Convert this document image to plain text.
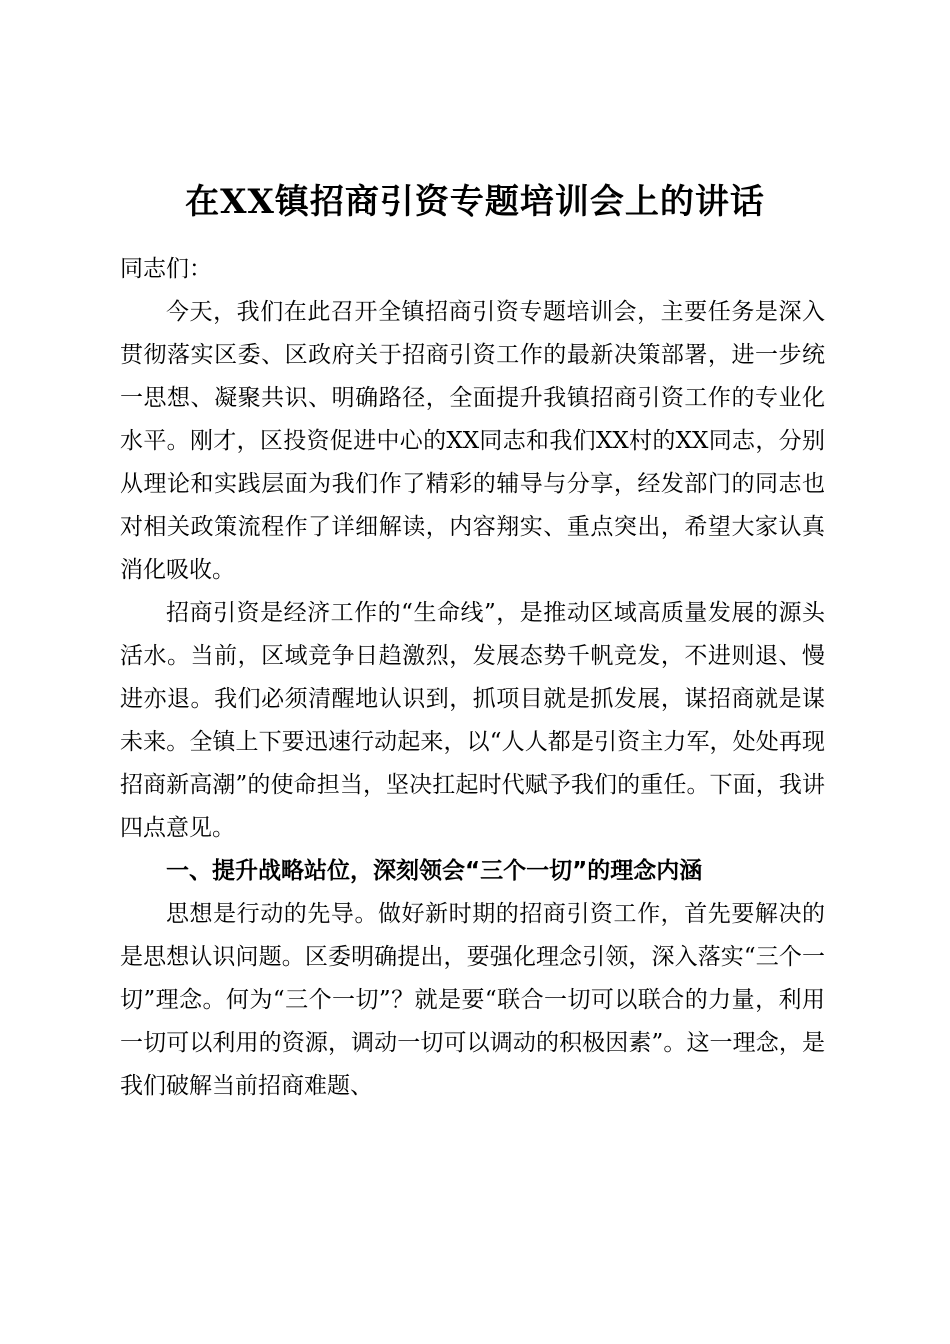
在XX镇招商引资专题培训会上的讲话

同志们：

今天，我们在此召开全镇招商引资专题培训会，主要任务是深入贯彻落实区委、区政府关于招商引资工作的最新决策部署，进一步统一思想、凝聚共识、明确路径，全面提升我镇招商引资工作的专业化水平。刚才，区投资促进中心的XX同志和我们XX村的XX同志，分别从理论和实践层面为我们作了精彩的辅导与分享，经发部门的同志也对相关政策流程作了详细解读，内容翔实、重点突出，希望大家认真消化吸收。

招商引资是经济工作的“生命线”，是推动区域高质量发展的源头活水。当前，区域竞争日趋激烈，发展态势千帆竞发，不进则退、慢进亦退。我们必须清醒地认识到，抓项目就是抓发展，谋招商就是谋未来。全镇上下要迅速行动起来，以“人人都是引资主力军，处处再现招商新高潮”的使命担当，坚决扛起时代赋予我们的重任。下面，我讲四点意见。

一、提升战略站位，深刻领会“三个一切”的理念内涵

思想是行动的先导。做好新时期的招商引资工作，首先要解决的是思想认识问题。区委明确提出，要强化理念引领，深入落实“三个一切”理念。何为“三个一切”？就是要“联合一切可以联合的力量，利用一切可以利用的资源，调动一切可以调动的积极因素”。这一理念，是我们破解当前招商难题、
